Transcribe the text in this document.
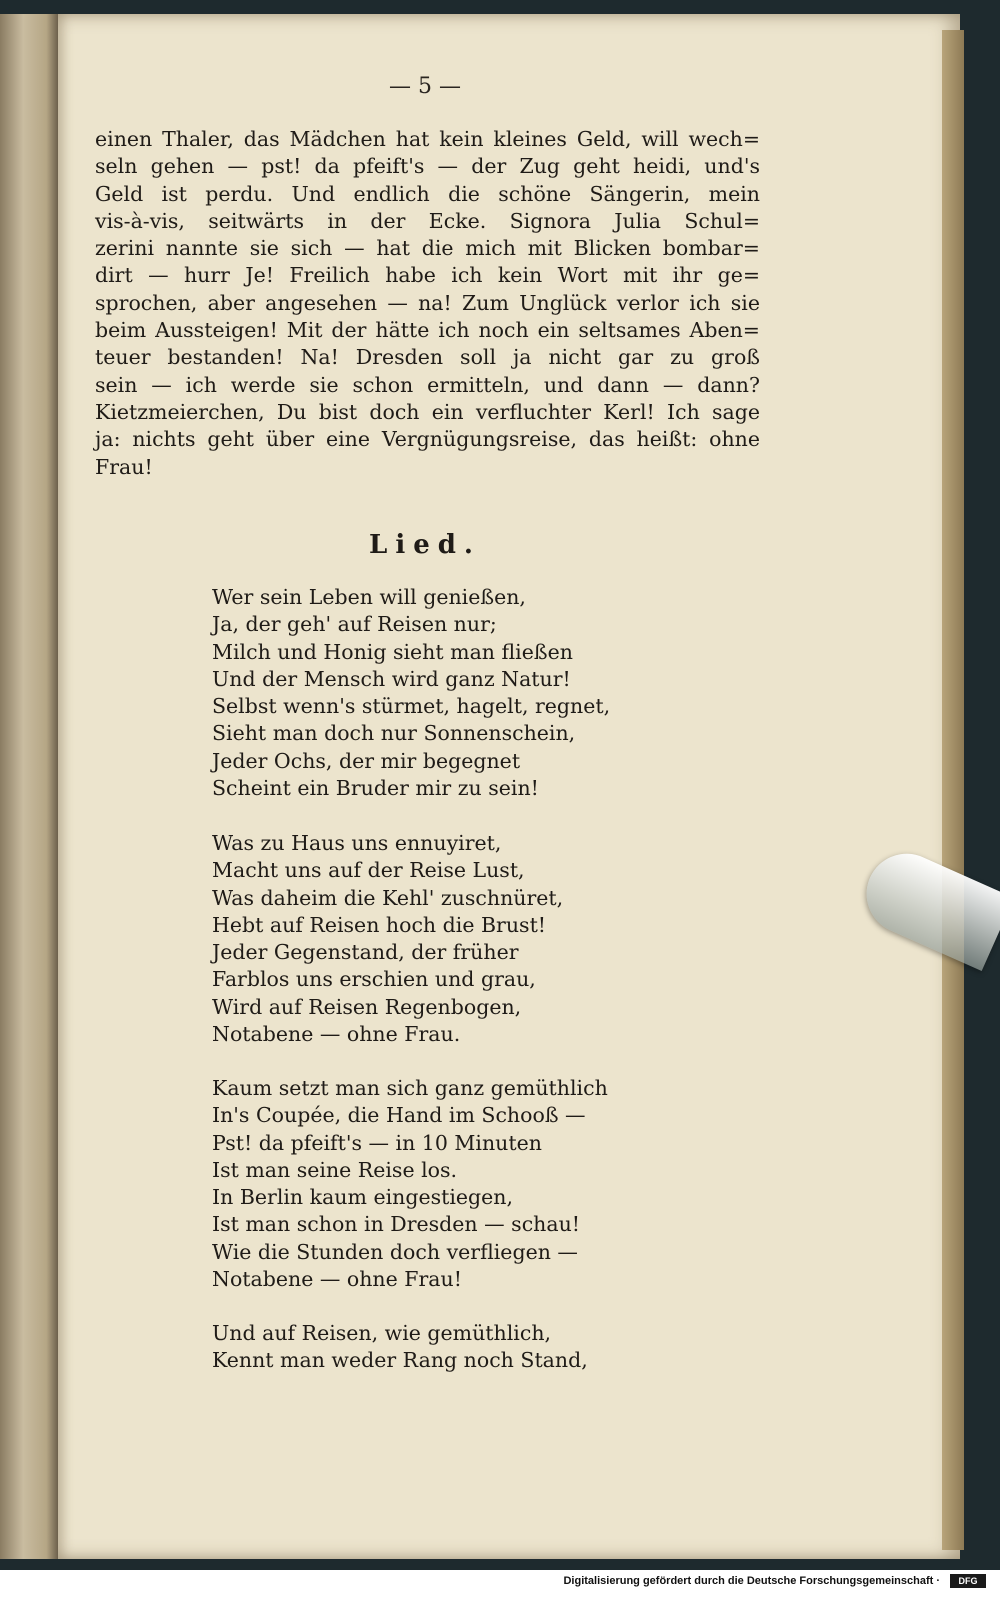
— 5 —
einen Thaler, das Mädchen hat kein kleines Geld, will wech=
seln gehen — pst! da pfeift's — der Zug geht heidi, und's
Geld ist perdu. Und endlich die schöne Sängerin, mein
vis-à-vis, seitwärts in der Ecke. Signora Julia Schul=
zerini nannte sie sich — hat die mich mit Blicken bombar=
dirt — hurr Je! Freilich habe ich kein Wort mit ihr ge=
sprochen, aber angesehen — na! Zum Unglück verlor ich sie
beim Aussteigen! Mit der hätte ich noch ein seltsames Aben=
teuer bestanden! Na! Dresden soll ja nicht gar zu groß
sein — ich werde sie schon ermitteln, und dann — dann?
Kietzmeierchen, Du bist doch ein verfluchter Kerl! Ich sage
ja: nichts geht über eine Vergnügungsreise, das heißt: ohne
Frau!
Lied.
Wer sein Leben will genießen,
Ja, der geh' auf Reisen nur;
Milch und Honig sieht man fließen
Und der Mensch wird ganz Natur!
Selbst wenn's stürmet, hagelt, regnet,
Sieht man doch nur Sonnenschein,
Jeder Ochs, der mir begegnet
Scheint ein Bruder mir zu sein!
Was zu Haus uns ennuyiret,
Macht uns auf der Reise Lust,
Was daheim die Kehl' zuschnüret,
Hebt auf Reisen hoch die Brust!
Jeder Gegenstand, der früher
Farblos uns erschien und grau,
Wird auf Reisen Regenbogen,
Notabene — ohne Frau.
Kaum setzt man sich ganz gemüthlich
In's Coupée, die Hand im Schooß —
Pst! da pfeift's — in 10 Minuten
Ist man seine Reise los.
In Berlin kaum eingestiegen,
Ist man schon in Dresden — schau!
Wie die Stunden doch verfliegen —
Notabene — ohne Frau!
Und auf Reisen, wie gemüthlich,
Kennt man weder Rang noch Stand,
Digitalisierung gefördert durch die Deutsche Forschungsgemeinschaft ·	DFG
